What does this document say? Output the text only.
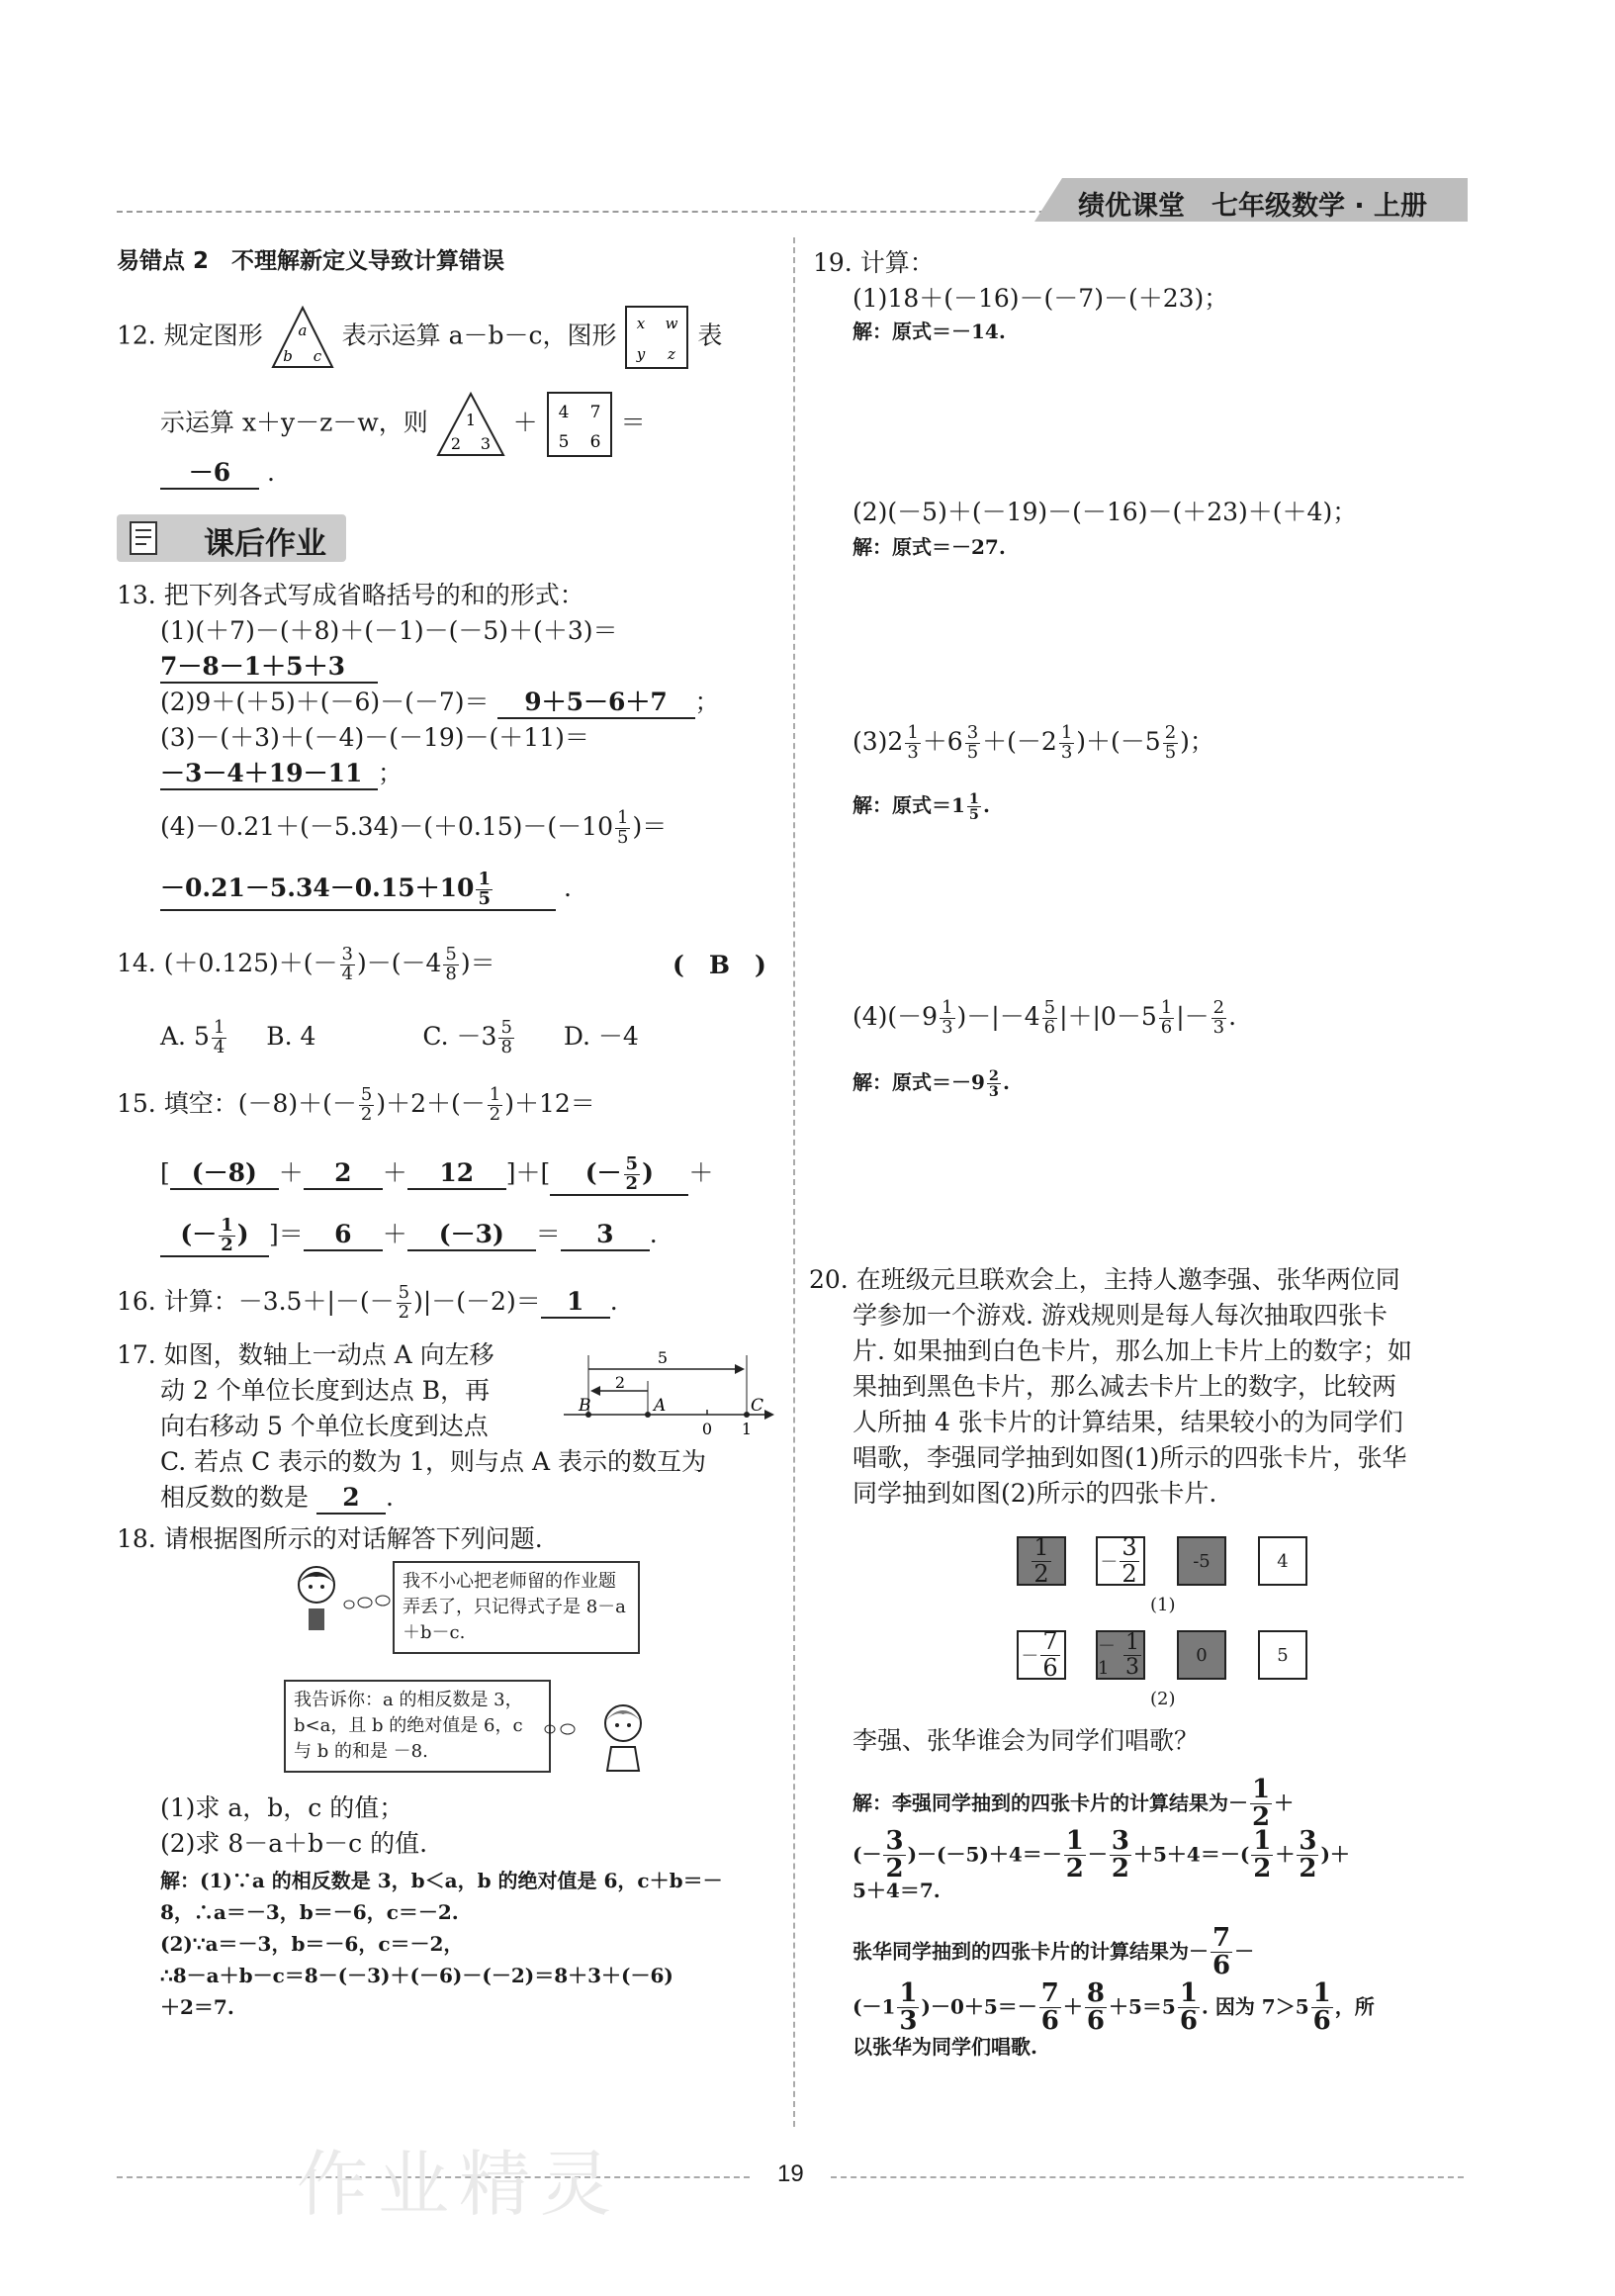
绩优课堂　 七年级数学 · 上册
易错点 2　不理解新定义导致计算错误
12. 规定图形 a
b c
表示运算 a－b－c，图形 x w
y z
表
示运算 x＋y－z－w，则 1
2 3
＋ 4 7
5 6
＝
－6 .
课后作业
13. 把下列各式写成省略括号的和的形式：
(1)(＋7)－(＋8)＋(－1)－(－5)＋(＋3)＝
7－8－1＋5＋3
(2)9＋(＋5)＋(－6)－(－7)＝ 9＋5－6＋7 ；
(3)－(＋3)＋(－4)－(－19)－(＋11)＝
－3－4＋19－11 ；
$(4)-0.21+(-5.34)-(+0.15)-(-10 \frac{1}{5}$ )＝
$-0.21-5.34-0.15+10 \frac{1}{5}$	.
14. $(+0.125)+(- \frac{3}{4} )-(-4 \frac{5}{8}$ )＝	(　B　)
A. $5 \frac{1}{4} B$. 4	C. $-3 \frac{5}{8} D$. －4
15. 填空：$(-8)+(- \frac{5}{2} )+2+(- \frac{1}{2} )+12=$
[ (－8) ＋ 2 ＋ 12 ]＋[ (－ $\frac{5}{2}$ ) ＋
(－ $\frac{1}{2}$ ) ]＝ 6 ＋ (－3) ＝ 3 .
16. 计算：$-3.5+|-(- \frac{5}{2} )|-(-2)= 1$ .
17. 如图，数轴上一动点 A 向左移
动 2 个单位长度到达点 B，再
向右移动 5 个单位长度到达点
C. 若点 C 表示的数为 1，则与点 A 表示的数互为
相反数的数是 2 .
5
2
B	A	C
0 1
18. 请根据图所示的对话解答下列问题.
我不小心把老师留的作业题弄丢了，只记得式子是 8－a＋b－c.
我告诉你：a 的相反数是 3，b<a，且 b 的绝对值是 6，c 与 b 的和是 －8.
(1)求 a，b，c 的值；
(2)求 8－a＋b－c 的值.
解：(1)∵a 的相反数是 3，b＜a，b 的绝对值是 6，c＋b＝－
8，∴a＝－3，b＝－6，c＝－2.
(2)∵a＝－3，b＝－6，c＝－2，
∴8－a＋b－c＝8－(－3)＋(－6)－(－2)＝8＋3＋(－6)
＋2＝7.
19. 计算：
(1)18＋(－16)－(－7)－(＋23)；
解：原式＝－14.
(2)(－5)＋(－19)－(－16)－(＋23)＋(＋4)；
解：原式＝－27.
$(3)2 \frac{1}{3} +6 \frac{3}{5} +(-2 \frac{1}{3} )+(-5 \frac{2}{5}$ )；
解：原式$=1 \frac{1}{5}$ .
$(4)(-9 \frac{1}{3} )-|-4 \frac{5}{6} |+|0-5 \frac{1}{6}$ |－ $\frac{2}{3}$ .
解：原式$=-9 \frac{2}{3}$ .
20. 在班级元旦联欢会上，主持人邀李强、张华两位同
学参加一个游戏. 游戏规则是每人每次抽取四张卡
片. 如果抽到白色卡片，那么加上卡片上的数字；如
果抽到黑色卡片，那么减去卡片上的数字，比较两
人所抽 4 张卡片的计算结果，结果较小的为同学们
唱歌，李强同学抽到如图(1)所示的四张卡片，张华
同学抽到如图(2)所示的四张卡片.
1
2	－
3
2	-5	4
(1)
－
7
6
－1
1
3	0	5
(2)
李强、张华谁会为同学们唱歌？
解：李强同学抽到的四张卡片的计算结果为－ $\frac{1}{2}$ ＋
(－ $\frac{3}{2} )-(-5)+4=- \frac{1}{2} - \frac{3}{2} +5+4=-( \frac{1}{2} + \frac{3}{2}$ )＋
5＋4＝7.
张华同学抽到的四张卡片的计算结果为－ $\frac{7}{6}$ －
$(-1 \frac{1}{3} )-0+5=- \frac{7}{6} + \frac{8}{6} +5=5 \frac{1}{6}$ . 因为 $7>5 \frac{1}{6}$ ，所
以张华为同学们唱歌.
19
作业精灵
